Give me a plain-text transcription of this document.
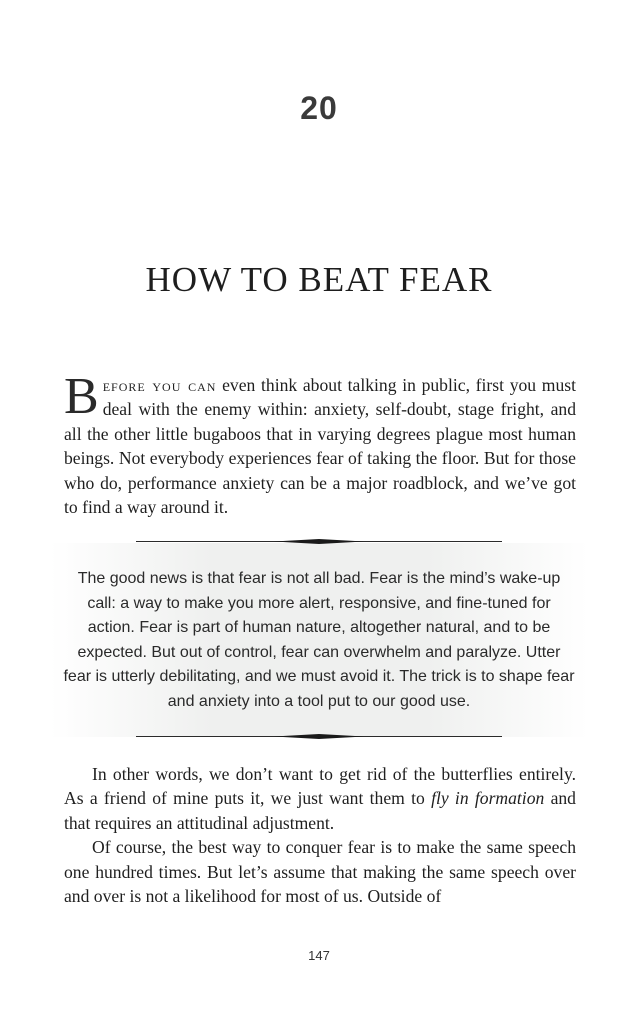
20
HOW TO BEAT FEAR
Before you can even think about talking in public, first you must deal with the enemy within: anxiety, self-doubt, stage fright, and all the other little bugaboos that in varying degrees plague most human beings. Not everybody experiences fear of taking the floor. But for those who do, performance anxiety can be a major roadblock, and we’ve got to find a way around it.
The good news is that fear is not all bad. Fear is the mind’s wake-up call: a way to make you more alert, responsive, and fine-tuned for action. Fear is part of human nature, altogether natural, and to be expected. But out of control, fear can overwhelm and paralyze. Utter fear is utterly debilitating, and we must avoid it. The trick is to shape fear and anxiety into a tool put to our good use.

In other words, we don’t want to get rid of the butterflies entirely. As a friend of mine puts it, we just want them to fly in formation and that requires an attitudinal adjustment.

Of course, the best way to conquer fear is to make the same speech one hundred times. But let’s assume that making the same speech over and over is not a likelihood for most of us. Outside of

147
